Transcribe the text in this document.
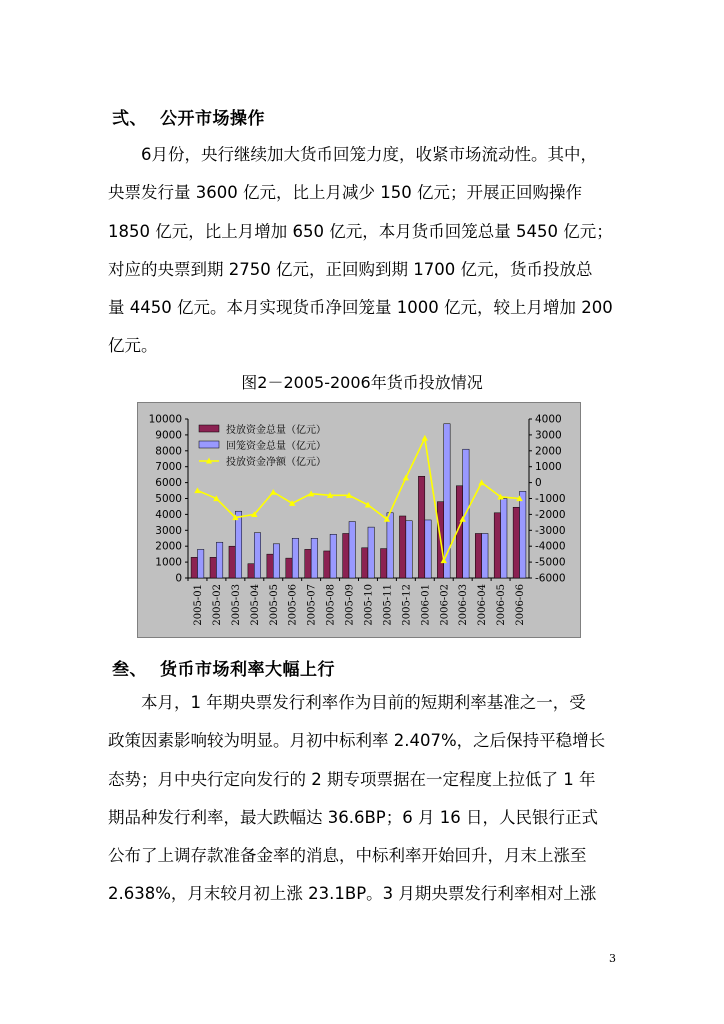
弍、 公开市场操作

　　6月份，央行继续加大货币回笼力度，收紧市场流动性。其中，

央票发行量 3600 亿元，比上月减少 150 亿元；开展正回购操作

1850 亿元，比上月增加 650 亿元，本月货币回笼总量 5450 亿元；

对应的央票到期 2750 亿元，正回购到期 1700 亿元，货币投放总

量 4450 亿元。本月实现货币净回笼量 1000 亿元，较上月增加 200

亿元。

图2－2005-2006年货币投放情况
0
1000
2000
3000
4000
5000
6000
7000
8000
9000
10000
-6000
-5000
-4000
-3000
-2000
-1000
0
1000
2000
3000
4000
2005-01 2005-02 2005-03 2005-04 2005-05 2005-06 2005-07 2005-08 2005-09 2005-10 2005-11 2005-12 2006-01 2006-02 2006-03 2006-04 2006-05 2006-06
投放资金总量（亿元）
回笼资金总量（亿元）
投放资金净额（亿元）
叁、 货币市场利率大幅上行

　　本月，1 年期央票发行利率作为目前的短期利率基准之一，受

政策因素影响较为明显。月初中标利率 2.407%，之后保持平稳增长

态势；月中央行定向发行的 2 期专项票据在一定程度上拉低了 1 年

期品种发行利率，最大跌幅达 36.6BP；6 月 16 日，人民银行正式

公布了上调存款准备金率的消息，中标利率开始回升，月末上涨至

2.638%，月末较月初上涨 23.1BP。3 月期央票发行利率相对上涨

3
